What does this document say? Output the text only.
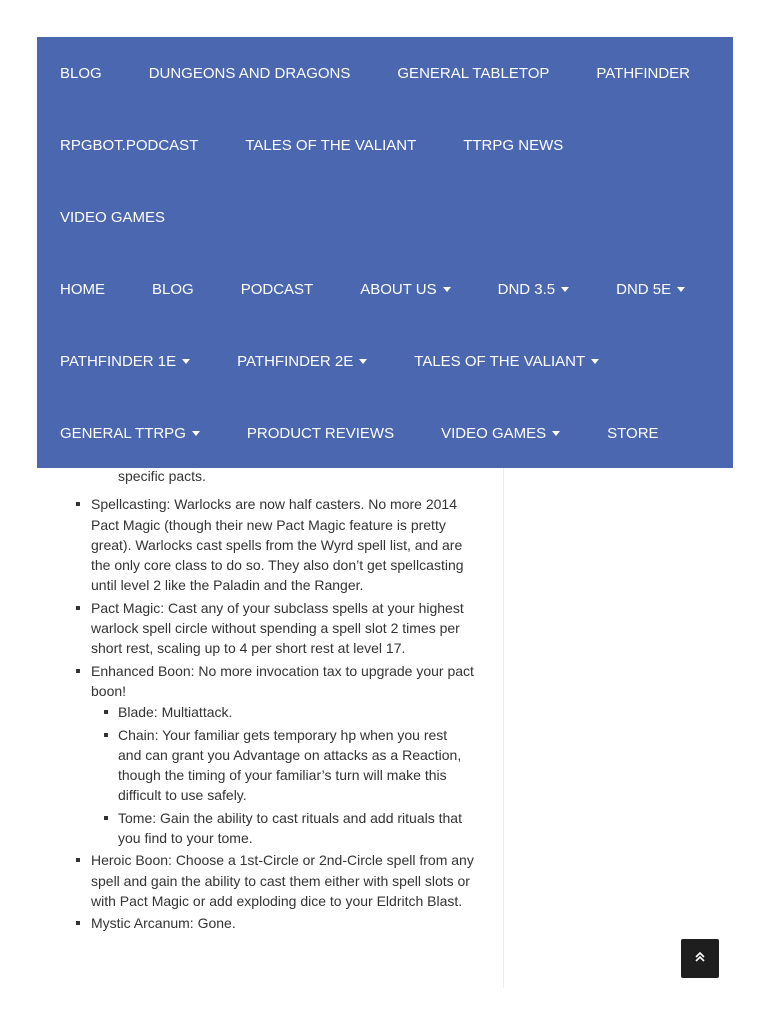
BLOG	DUNGEONS AND DRAGONS	GENERAL TABLETOP	PATHFINDER
RPGBOT.PODCAST	TALES OF THE VALIANT	TTRPG NEWS
VIDEO GAMES
HOME	BLOG	PODCAST	ABOUT US	DND 3.5	DND 5E
PATHFINDER 1E	PATHFINDER 2E	TALES OF THE VALIANT
GENERAL TTRPG	PRODUCT REVIEWS	VIDEO GAMES	STORE
specific pacts.
Spellcasting: Warlocks are now half casters. No more 2014 Pact Magic (though their new Pact Magic feature is pretty great). Warlocks cast spells from the Wyrd spell list, and are the only core class to do so. They also don’t get spellcasting until level 2 like the Paladin and the Ranger.
Pact Magic: Cast any of your subclass spells at your highest warlock spell circle without spending a spell slot 2 times per short rest, scaling up to 4 per short rest at level 17.
Enhanced Boon: No more invocation tax to upgrade your pact boon!
Blade: Multiattack.
Chain: Your familiar gets temporary hp when you rest and can grant you Advantage on attacks as a Reaction, though the timing of your familiar’s turn will make this difficult to use safely.
Tome: Gain the ability to cast rituals and add rituals that you find to your tome.
Heroic Boon: Choose a 1st-Circle or 2nd-Circle spell from any spell and gain the ability to cast them either with spell slots or with Pact Magic or add exploding dice to your Eldritch Blast.
Mystic Arcanum: Gone.
